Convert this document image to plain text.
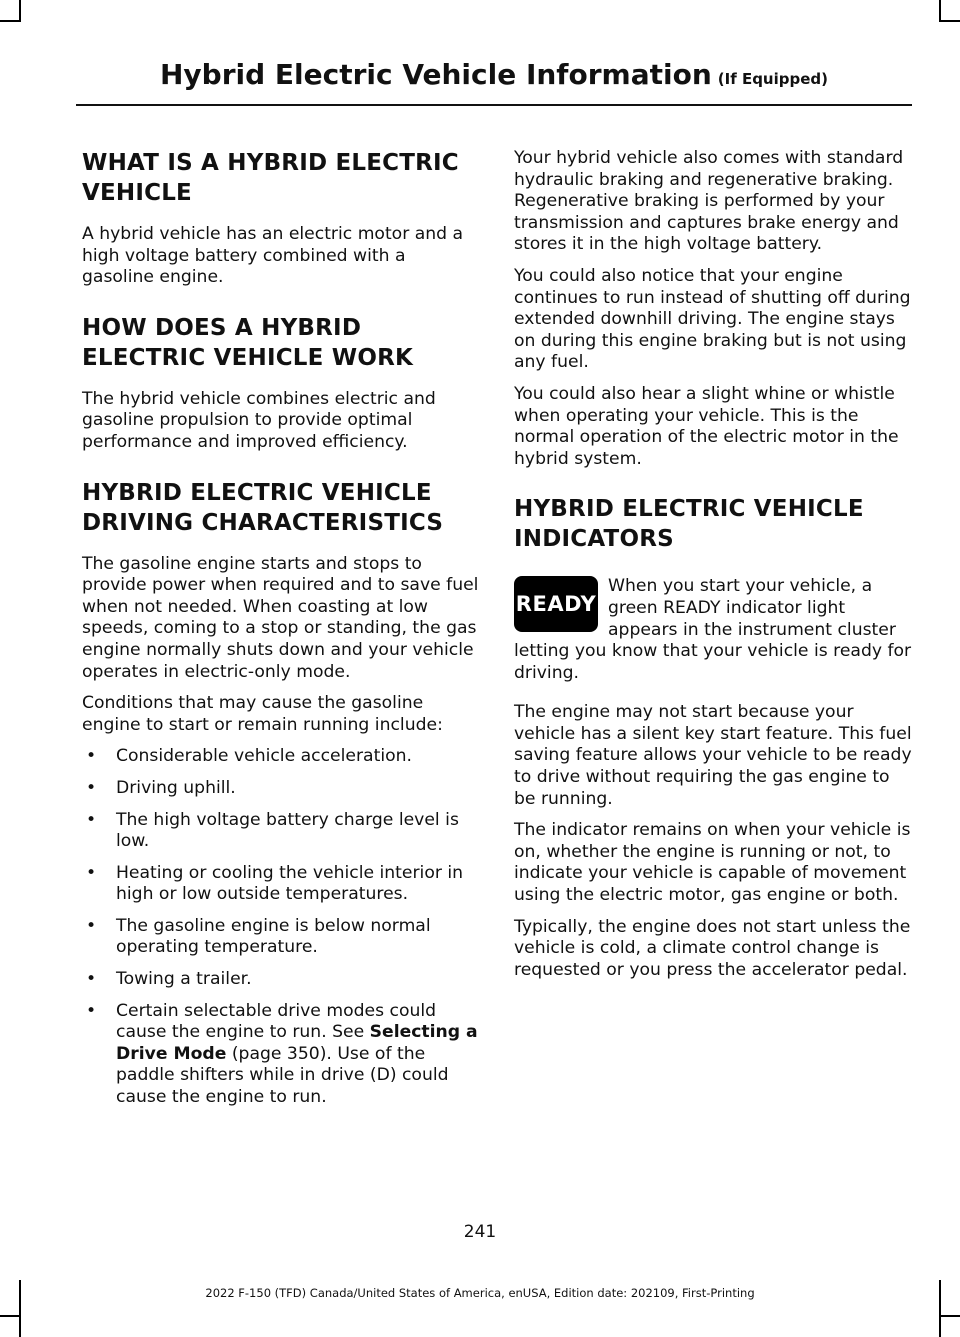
Hybrid Electric Vehicle Information (If Equipped)
WHAT IS A HYBRID ELECTRIC
VEHICLE

A hybrid vehicle has an electric motor and a high voltage battery combined with a gasoline engine.

HOW DOES A HYBRID
ELECTRIC VEHICLE WORK

The hybrid vehicle combines electric and gasoline propulsion to provide optimal performance and improved efficiency.

HYBRID ELECTRIC VEHICLE
DRIVING CHARACTERISTICS

The gasoline engine starts and stops to provide power when required and to save fuel when not needed. When coasting at low speeds, coming to a stop or standing, the gas engine normally shuts down and your vehicle operates in electric-only mode.

Conditions that may cause the gasoline engine to start or remain running include:

• Considerable vehicle acceleration.
• Driving uphill.
• The high voltage battery charge level is low.
• Heating or cooling the vehicle interior in high or low outside temperatures.
• The gasoline engine is below normal operating temperature.
• Towing a trailer.
• Certain selectable drive modes could cause the engine to run. See Selecting a Drive Mode (page 350). Use of the paddle shifters while in drive (D) could cause the engine to run.

Your hybrid vehicle also comes with standard hydraulic braking and regenerative braking. Regenerative braking is performed by your transmission and captures brake energy and stores it in the high voltage battery.

You could also notice that your engine continues to run instead of shutting off during extended downhill driving. The engine stays on during this engine braking but is not using any fuel.

You could also hear a slight whine or whistle when operating your vehicle. This is the normal operation of the electric motor in the hybrid system.

HYBRID ELECTRIC VEHICLE
INDICATORS
READY

When you start your vehicle, a green READY indicator light appears in the instrument cluster letting you know that your vehicle is ready for driving.

The engine may not start because your vehicle has a silent key start feature. This fuel saving feature allows your vehicle to be ready to drive without requiring the gas engine to be running.

The indicator remains on when your vehicle is on, whether the engine is running or not, to indicate your vehicle is capable of movement using the electric motor, gas engine or both.

Typically, the engine does not start unless the vehicle is cold, a climate control change is requested or you press the accelerator pedal.

241
2022 F-150 (TFD) Canada/United States of America, enUSA, Edition date: 202109, First-Printing
